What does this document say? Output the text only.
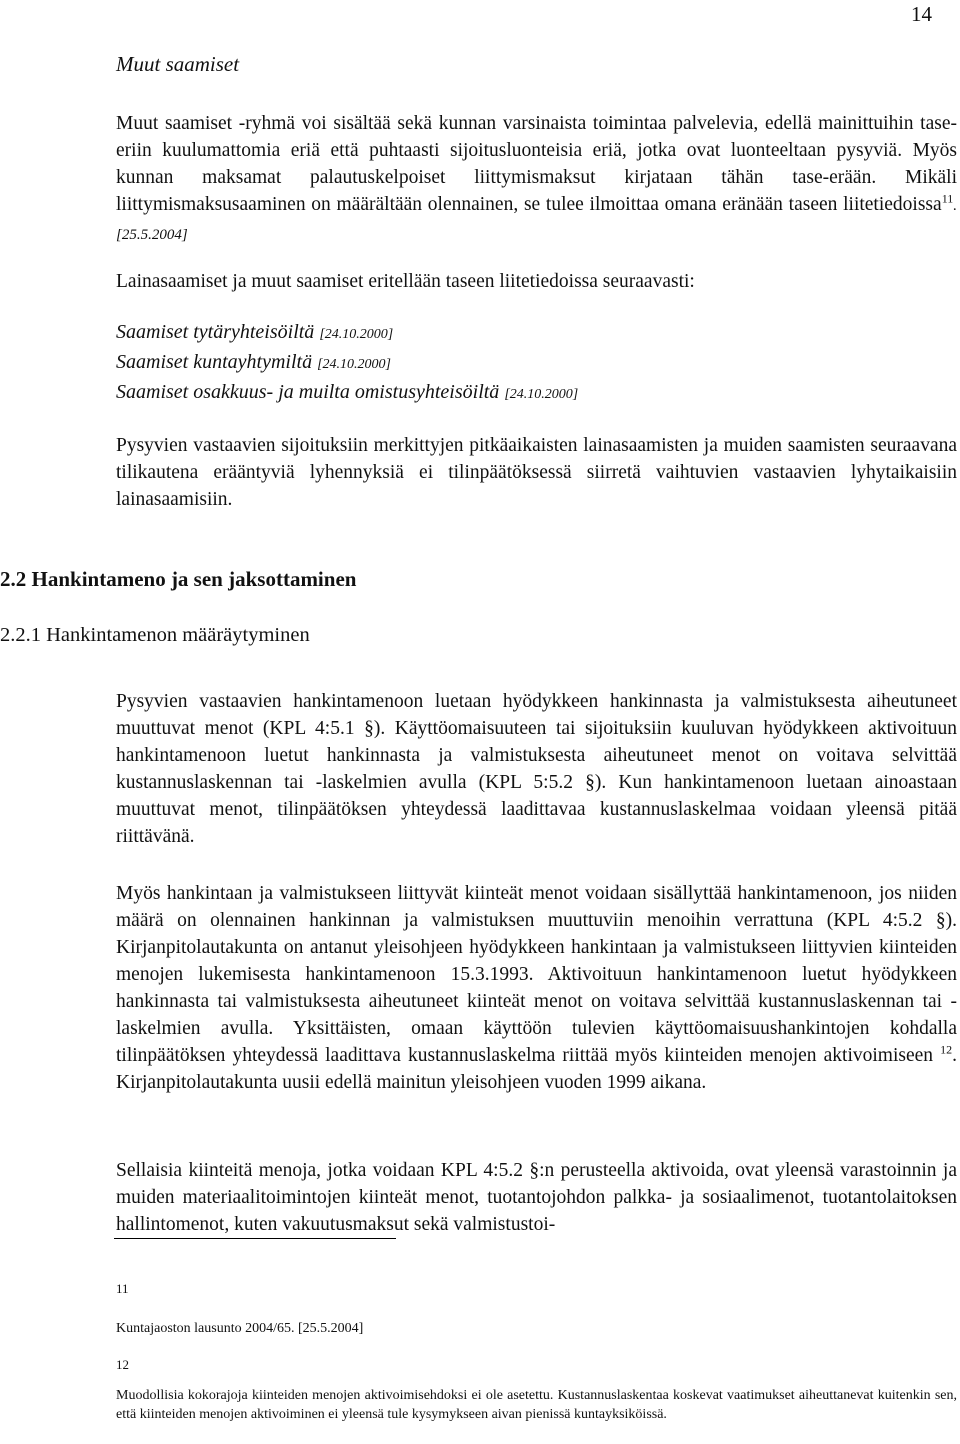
14
Muut saamiset

Muut saamiset -ryhmä voi sisältää sekä kunnan varsinaista toimintaa palvelevia, edellä mainittuihin tase-eriin kuulumattomia eriä että puhtaasti sijoitusluonteisia eriä, jotka ovat luonteeltaan pysyviä. Myös kunnan maksamat palautuskelpoiset liittymismaksut kirjataan tähän tase-erään. Mikäli liittymismaksusaaminen on määrältään olennainen, se tulee ilmoittaa omana eränään taseen liitetiedoissa$^{11}$. [25.5.2004]

Lainasaamiset ja muut saamiset eritellään taseen liitetiedoissa seuraavasti:

Saamiset tytäryhteisöiltä [24.10.2000]
Saamiset kuntayhtymiltä [24.10.2000]
Saamiset osakkuus- ja muilta omistusyhteisöiltä [24.10.2000]

Pysyvien vastaavien sijoituksiin merkittyjen pitkäaikaisten lainasaamisten ja muiden saamisten seuraavana tilikautena erääntyviä lyhennyksiä ei tilinpäätöksessä siirretä vaihtuvien vastaavien lyhytaikaisiin lainasaamisiin.

2.2 Hankintameno ja sen jaksottaminen
2.2.1 Hankintamenon määräytyminen

Pysyvien vastaavien hankintamenoon luetaan hyödykkeen hankinnasta ja valmistuksesta aiheutuneet muuttuvat menot (KPL 4:5.1 §). Käyttöomaisuuteen tai sijoituksiin kuuluvan hyödykkeen aktivoituun hankintamenoon luetut hankinnasta ja valmistuksesta aiheutuneet menot on voitava selvittää kustannuslaskennan tai -laskelmien avulla (KPL 5:5.2 §). Kun hankintamenoon luetaan ainoastaan muuttuvat menot, tilinpäätöksen yhteydessä laadittavaa kustannuslaskelmaa voidaan yleensä pitää riittävänä.

Myös hankintaan ja valmistukseen liittyvät kiinteät menot voidaan sisällyttää hankintamenoon, jos niiden määrä on olennainen hankinnan ja valmistuksen muuttuviin menoihin verrattuna (KPL 4:5.2 §). Kirjanpitolautakunta on antanut yleisohjeen hyödykkeen hankintaan ja valmistukseen liittyvien kiinteiden menojen lukemisesta hankintamenoon 15.3.1993. Aktivoituun hankintamenoon luetut hyödykkeen hankinnasta tai valmistuksesta aiheutuneet kiinteät menot on voitava selvittää kustannuslaskennan tai -laskelmien avulla. Yksittäisten, omaan käyttöön tulevien käyttöomaisuushankintojen kohdalla tilinpäätöksen yhteydessä laadittava kustannuslaskelma riittää myös kiinteiden menojen aktivoimiseen $^{12}$. Kirjanpitolautakunta uusii edellä mainitun yleisohjeen vuoden 1999 aikana.

Sellaisia kiinteitä menoja, jotka voidaan KPL 4:5.2 §:n perusteella aktivoida, ovat yleensä varastoinnin ja muiden materiaalitoimintojen kiinteät menot, tuotantojohdon palkka- ja sosiaalimenot, tuotantolaitoksen hallintomenot, kuten vakuutusmaksut sekä valmistustoi-

11
Kuntajaoston lausunto 2004/65. [25.5.2004]
12
Muodollisia kokorajoja kiinteiden menojen aktivoimisehdoksi ei ole asetettu. Kustannuslaskentaa koskevat vaatimukset aiheuttanevat kuitenkin sen, että kiinteiden menojen aktivoiminen ei yleensä tule kysymykseen aivan pienissä kuntayksiköissä.
